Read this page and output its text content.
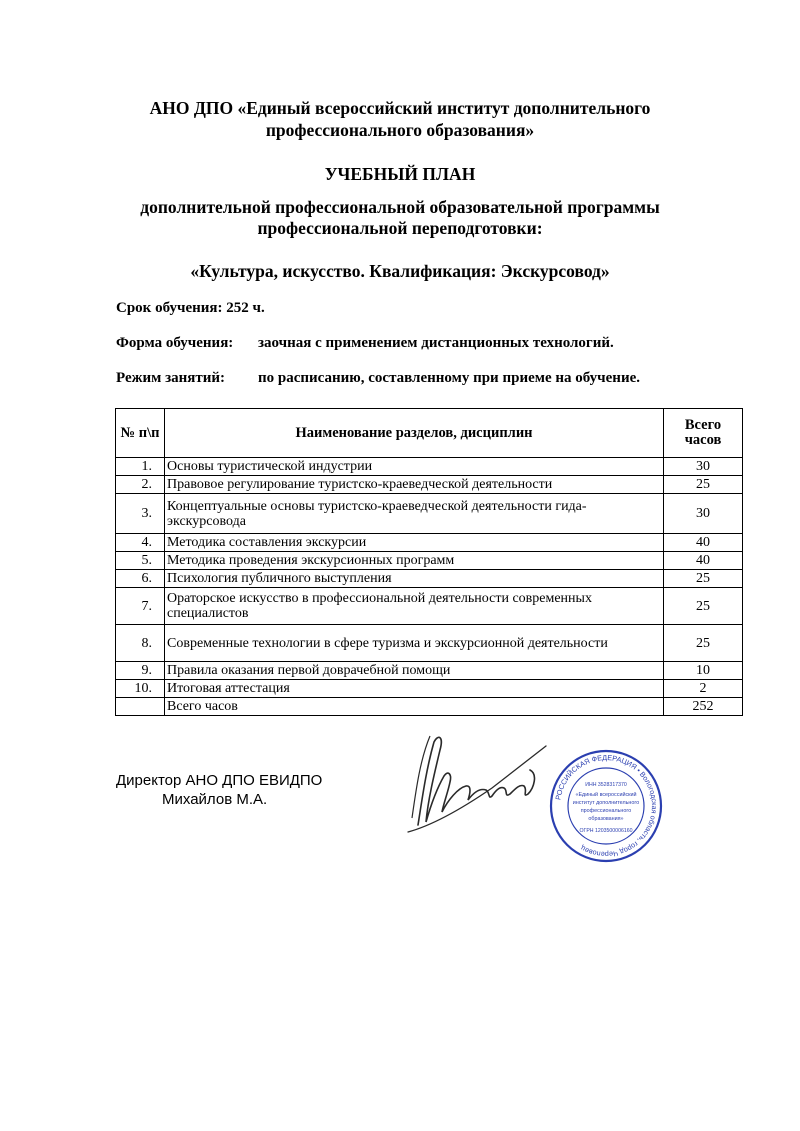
АНО ДПО «Единый всероссийский институт дополнительного
профессионального образования»
УЧЕБНЫЙ ПЛАН
дополнительной профессиональной образовательной программы
профессиональной переподготовки:
«Культура, искусство. Квалификация: Экскурсовод»
Срок обучения: 252 ч.
Форма обучения: заочная с применением дистанционных технологий.
Режим занятий: по расписанию, составленному при приеме на обучение.
№ п\п	Наименование разделов, дисциплин	Всего
часов

1.	Основы туристической индустрии	30
2.	Правовое регулирование туристско-краеведческой деятельности	25
3.	Концептуальные основы туристско-краеведческой деятельности гида-экскурсовода	30
4.	Методика составления экскурсии	40
5.	Методика проведения экскурсионных программ	40
6.	Психология публичного выступления	25
7.	Ораторское искусство в профессиональной деятельности современных специалистов	25
8.	Современные технологии в сфере туризма и экскурсионной деятельности	25
9.	Правила оказания первой доврачебной помощи	10
10.	Итоговая аттестация	2
	Всего часов	252
Директор АНО ДПО ЕВИДПО
Михайлов М.А.	РОССИЙСКАЯ ФЕДЕРАЦИЯ • Вологодская область, город Череповец
ИНН 3528317370
«Единый всероссийский
институт дополнительного
профессионального
образования»
ОГРН 1203500006160
